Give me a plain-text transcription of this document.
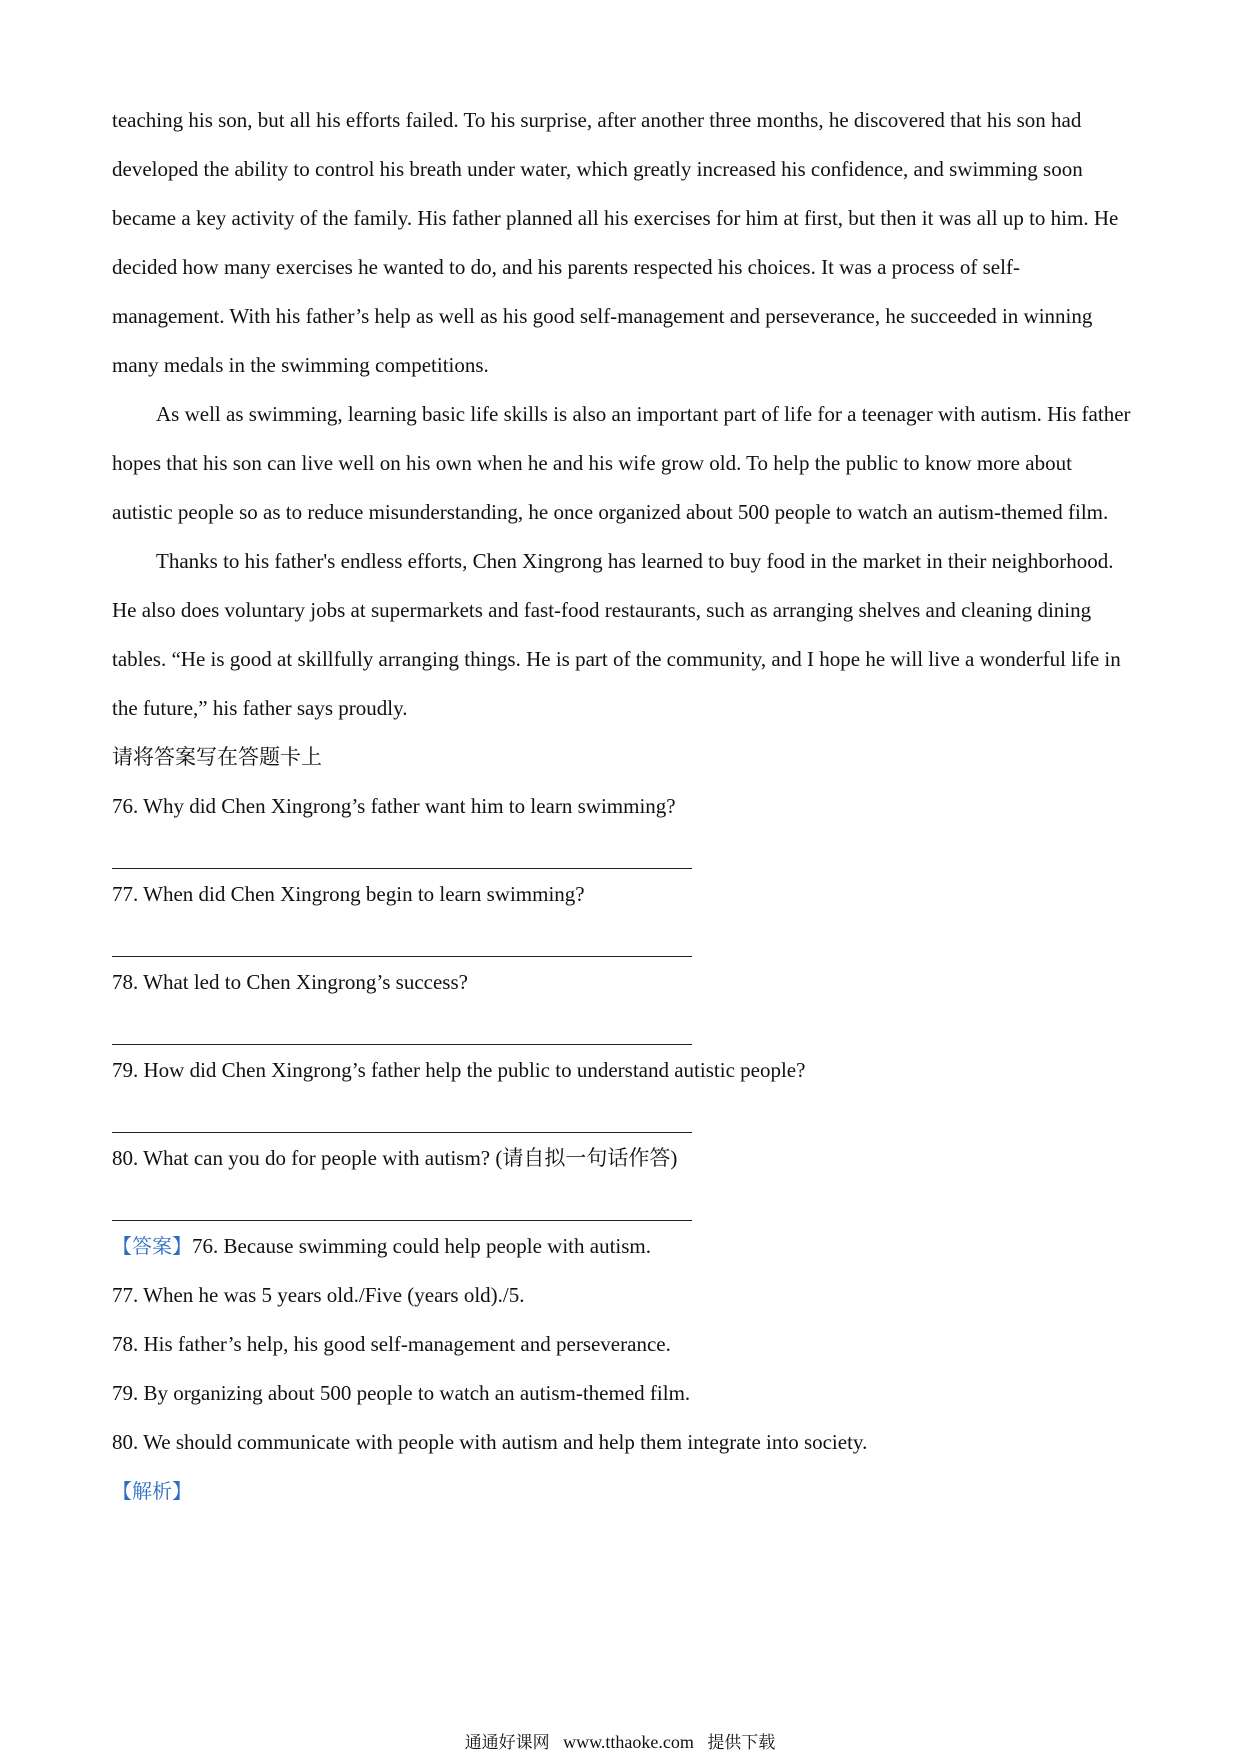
teaching his son, but all his efforts failed. To his surprise, after another three months, he discovered that his son had developed the ability to control his breath under water, which greatly increased his confidence, and swimming soon became a key activity of the family. His father planned all his exercises for him at first, but then it was all up to him. He decided how many exercises he wanted to do, and his parents respected his choices. It was a process of self-management. With his father’s help as well as his good self-management and perseverance, he succeeded in winning many medals in the swimming competitions.

As well as swimming, learning basic life skills is also an important part of life for a teenager with autism. His father hopes that his son can live well on his own when he and his wife grow old. To help the public to know more about autistic people so as to reduce misunderstanding, he once organized about 500 people to watch an autism-themed film.

Thanks to his father's endless efforts, Chen Xingrong has learned to buy food in the market in their neighborhood. He also does voluntary jobs at supermarkets and fast-food restaurants, such as arranging shelves and cleaning dining tables. “He is good at skillfully arranging things. He is part of the community, and I hope he will live a wonderful life in the future,” his father says proudly.

请将答案写在答题卡上

76. Why did Chen Xingrong’s father want him to learn swimming?

77. When did Chen Xingrong begin to learn swimming?

78. What led to Chen Xingrong’s success?

79. How did Chen Xingrong’s father help the public to understand autistic people?

80. What can you do for people with autism? (请自拟一句话作答)

【答案】76. Because swimming could help people with autism.

77. When he was 5 years old./Five (years old)./5.

78. His father’s help, his good self-management and perseverance.

79. By organizing about 500 people to watch an autism-themed film.

80. We should communicate with people with autism and help them integrate into society.

【解析】

通通好课网 www.tthaoke.com 提供下载
